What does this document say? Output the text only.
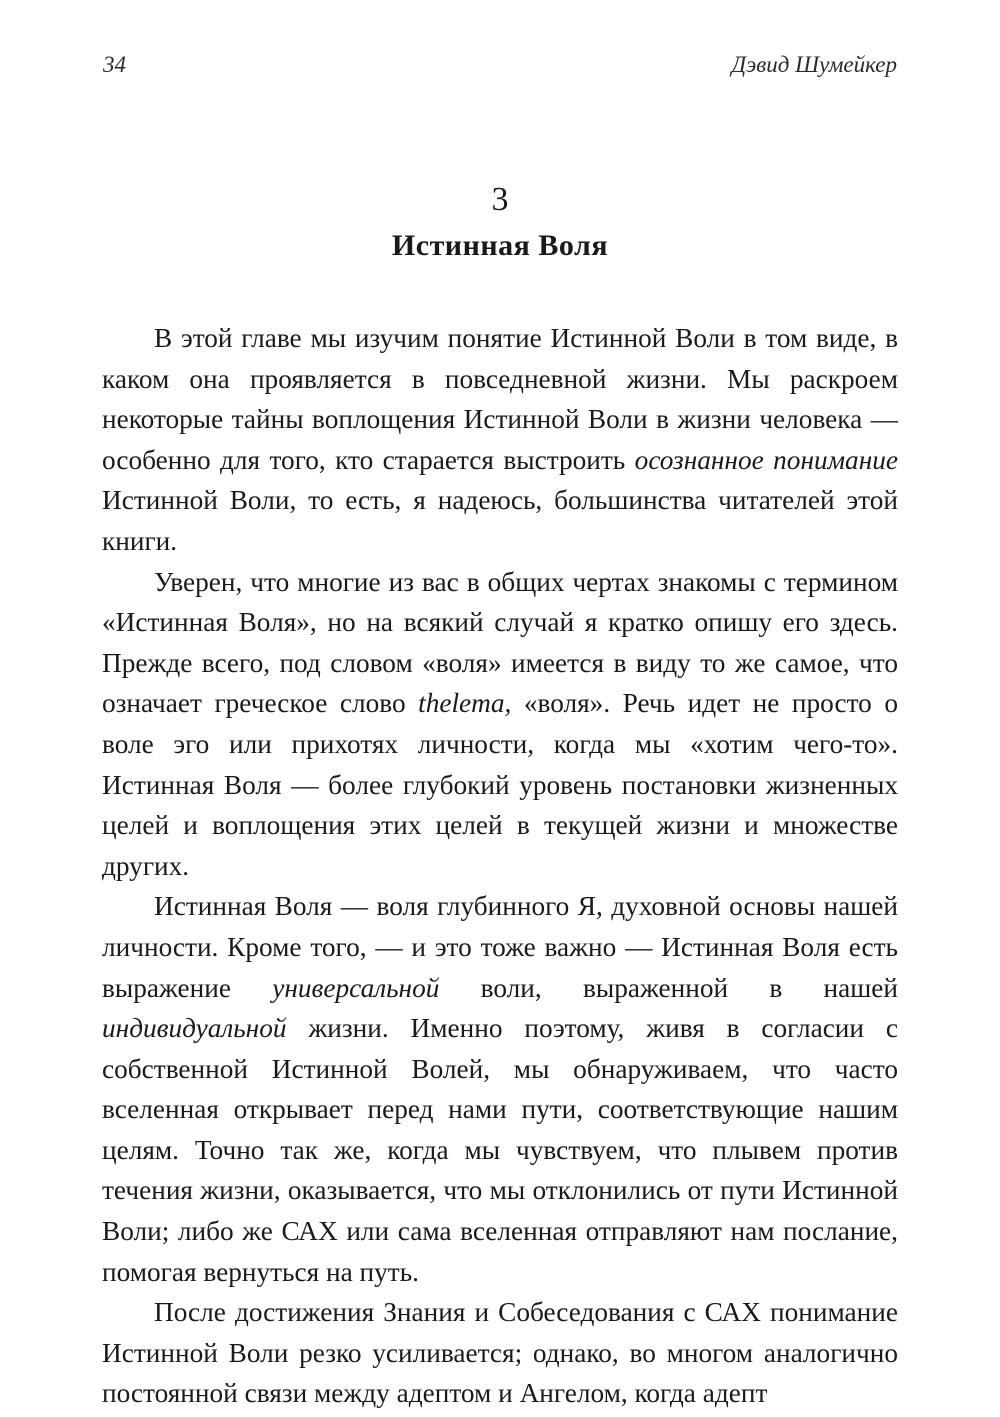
34	Дэвид Шумейкер
3
Истинная Воля

В этой главе мы изучим понятие Истинной Воли в том виде, в каком она проявляется в повседневной жизни. Мы раскроем некоторые тайны воплощения Истинной Воли в жизни человека — особенно для того, кто старается выстроить осознанное понимание Истинной Воли, то есть, я надеюсь, большинства читателей этой книги.

Уверен, что многие из вас в общих чертах знакомы с термином «Истинная Воля», но на всякий случай я кратко опишу его здесь. Прежде всего, под словом «воля» имеется в виду то же самое, что означает греческое слово thelema, «воля». Речь идет не просто о воле эго или прихотях личности, когда мы «хотим чего-то». Истинная Воля — более глубокий уровень постановки жизненных целей и воплощения этих целей в текущей жизни и множестве других.

Истинная Воля — воля глубинного Я, духовной основы нашей личности. Кроме того, — и это тоже важно — Истинная Воля есть выражение универсальной воли, выраженной в нашей индивидуальной жизни. Именно поэтому, живя в согласии с собственной Истинной Волей, мы обнаруживаем, что часто вселенная открывает перед нами пути, соответствующие нашим целям. Точно так же, когда мы чувствуем, что плывем против течения жизни, оказывается, что мы отклонились от пути Истинной Воли; либо же САХ или сама вселенная отправляют нам послание, помогая вернуться на путь.

После достижения Знания и Собеседования с САХ понимание Истинной Воли резко усиливается; однако, во многом аналогично постоянной связи между адептом и Ангелом, когда адепт
